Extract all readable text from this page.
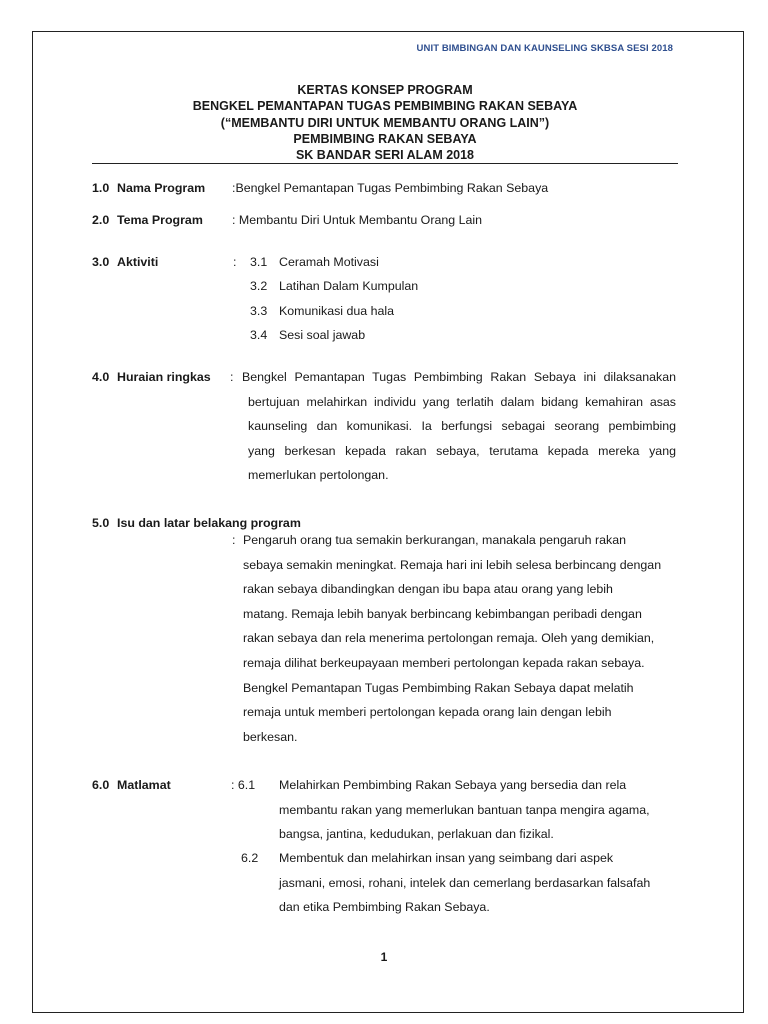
UNIT BIMBINGAN DAN KAUNSELING SKBSA SESI 2018
KERTAS KONSEP PROGRAM
BENGKEL PEMANTAPAN TUGAS PEMBIMBING RAKAN SEBAYA
(“MEMBANTU DIRI UNTUK MEMBANTU ORANG LAIN”)
PEMBIMBING RAKAN SEBAYA
SK BANDAR SERI ALAM 2018
1.0 Nama Program :Bengkel Pemantapan Tugas Pembimbing Rakan Sebaya
2.0 Tema Program : Membantu Diri Untuk Membantu Orang Lain
3.0 Aktiviti	: 3.1 Ceramah Motivasi
3.2 Latihan Dalam Kumpulan
3.3 Komunikasi dua hala
3.4 Sesi soal jawab
4.0 Huraian ringkas : Bengkel Pemantapan Tugas Pembimbing Rakan Sebaya ini dilaksanakan
bertujuan melahirkan individu yang terlatih dalam bidang kemahiran asas
kaunseling dan komunikasi. Ia berfungsi sebagai seorang pembimbing
yang berkesan kepada rakan sebaya, terutama kepada mereka yang
memerlukan pertolongan.
5.0 Isu dan latar belakang program
: Pengaruh orang tua semakin berkurangan, manakala pengaruh rakan
sebaya semakin meningkat. Remaja hari ini lebih selesa berbincang dengan
rakan sebaya dibandingkan dengan ibu bapa atau orang yang lebih
matang. Remaja lebih banyak berbincang kebimbangan peribadi dengan
rakan sebaya dan rela menerima pertolongan remaja. Oleh yang demikian,
remaja dilihat berkeupayaan memberi pertolongan kepada rakan sebaya.
Bengkel Pemantapan Tugas Pembimbing Rakan Sebaya dapat melatih
remaja untuk memberi pertolongan kepada orang lain dengan lebih
berkesan.
6.0 Matlamat	: 6.1 Melahirkan Pembimbing Rakan Sebaya yang bersedia dan rela
membantu rakan yang memerlukan bantuan tanpa mengira agama,
bangsa, jantina, kedudukan, perlakuan dan fizikal.
6.2 Membentuk dan melahirkan insan yang seimbang dari aspek
jasmani, emosi, rohani, intelek dan cemerlang berdasarkan falsafah
dan etika Pembimbing Rakan Sebaya.
1
